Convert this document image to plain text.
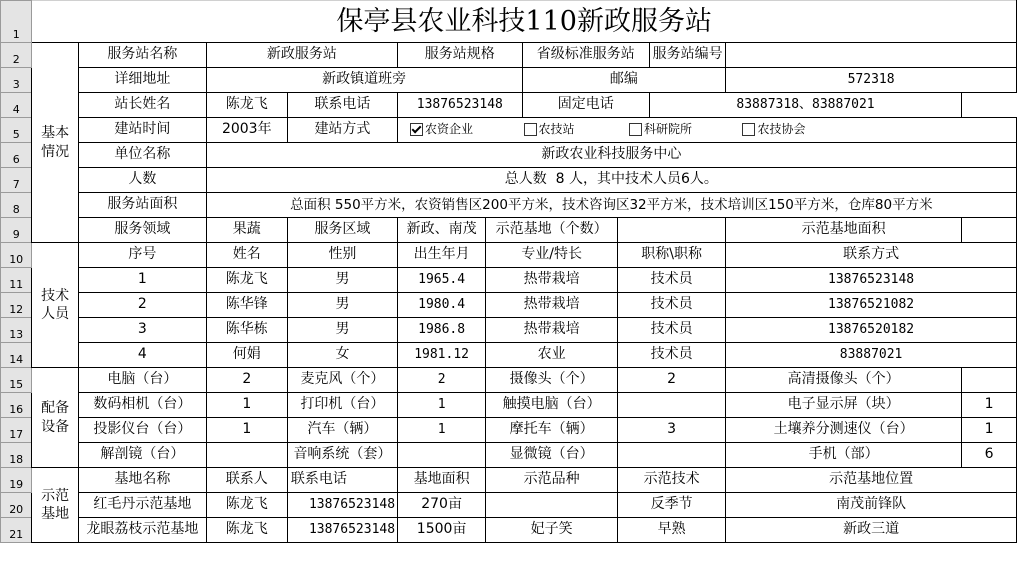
1	保亭县农业科技110新政服务站										
2	基本情况	服务站名称	新政服务站		服务站规格		省级标准服务站		服务站编号		
3		详细地址	新政镇道班旁				邮编			572318	
4		站长姓名	陈龙飞	联系电话	13876523148		固定电话		83887318、83887021		
5		建站时间	2003年	建站方式	农资企业 农技站 科研院所 农技协会						
6		单位名称	新政农业科技服务中心								
7		人数	总人数  8 人，其中技术人员6人。								
8		服务站面积	总面积 550平方米，农资销售区200平方米，技术咨询区32平方米，技术培训区150平方米，仓库80平方米								
9		服务领域	果蔬	服务区域	新政、南茂	示范基地（个数）				示范基地面积	
10	技术人员	序号	姓名	性别	出生年月	专业/特长		职称\职称		联系方式	
11		1	陈龙飞	男	1965.4	热带栽培		技术员		13876523148	
12		2	陈华锋	男	1980.4	热带栽培		技术员		13876521082	
13		3	陈华栋	男	1986.8	热带栽培		技术员		13876520182	
14		4	何娟	女	1981.12	农业		技术员		83887021	
15	配备设备	电脑（台）	2	麦克风（个）	2	摄像头（个）		2		高清摄像头（个）	
16		数码相机（台）	1	打印机（台）	1	触摸电脑（台）				电子显示屏（块）	1
17		投影仪台（台）	1	汽车（辆）	1	摩托车（辆）		3		土壤养分测速仪（台）	1
18		解剖镜（台）		音响系统（套）		显微镜（台）				手机（部）	6
19	示范基地	基地名称	联系人	联系电话	基地面积	示范品种		示范技术		示范基地位置	
20		红毛丹示范基地	陈龙飞	13876523148	270亩			反季节		南茂前锋队	
21		龙眼荔枝示范基地	陈龙飞	13876523148	1500亩	妃子笑		早熟		新政三道	
